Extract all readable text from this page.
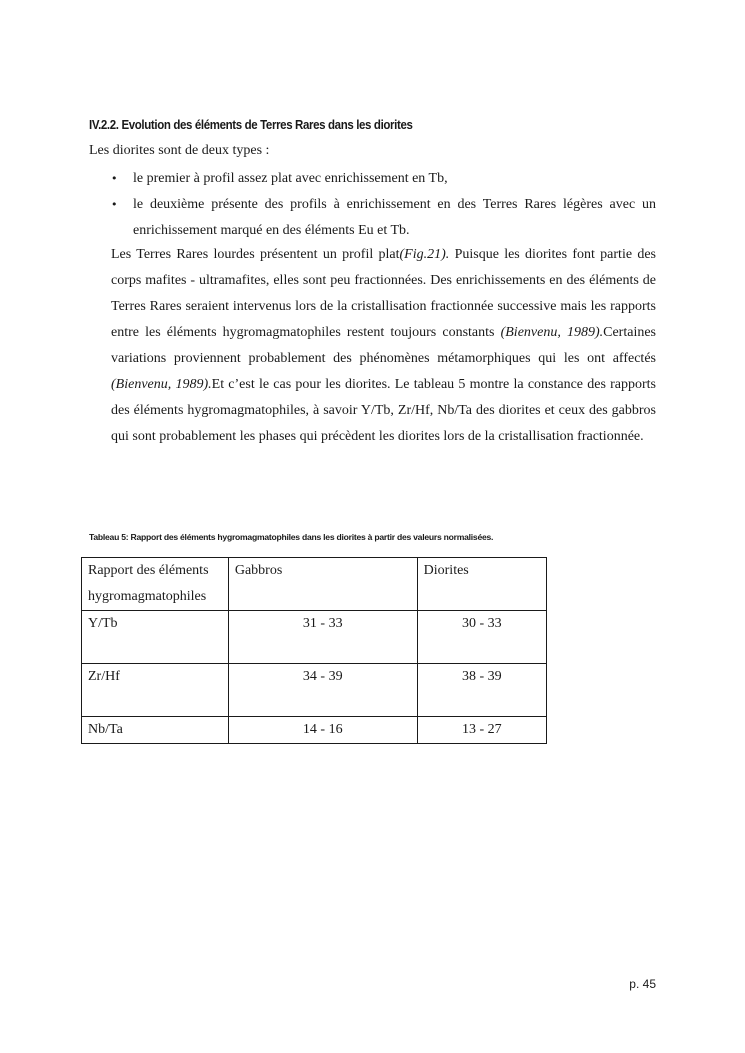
IV.2.2. Evolution des éléments de Terres Rares dans les diorites
Les diorites sont de deux types :
• le premier à profil assez plat avec enrichissement en Tb,
• le deuxième présente des profils à enrichissement en des Terres Rares légères avec un enrichissement marqué en des éléments Eu et Tb.
Les Terres Rares lourdes présentent un profil plat(Fig.21). Puisque les diorites font partie des corps mafites - ultramafites, elles sont peu fractionnées. Des enrichissements en des éléments de Terres Rares seraient intervenus lors de la cristallisation fractionnée successive mais les rapports entre les éléments hygromagmatophiles restent toujours constants (Bienvenu, 1989).Certaines variations proviennent probablement des phénomènes métamorphiques qui les ont affectés (Bienvenu, 1989).Et c’est le cas pour les diorites. Le tableau 5 montre la constance des rapports des éléments hygromagmatophiles, à savoir Y/Tb, Zr/Hf, Nb/Ta des diorites et ceux des gabbros qui sont probablement les phases qui précèdent les diorites lors de la cristallisation fractionnée.
Tableau 5: Rapport des éléments hygromagmatophiles dans les diorites à partir des valeurs normalisées.
Rapport des éléments hygromagmatophiles	Gabbros	Diorites
Y/Tb	31 - 33	30 - 33
Zr/Hf	34 - 39	38 - 39
Nb/Ta	14 - 16	13 - 27
p. 45
